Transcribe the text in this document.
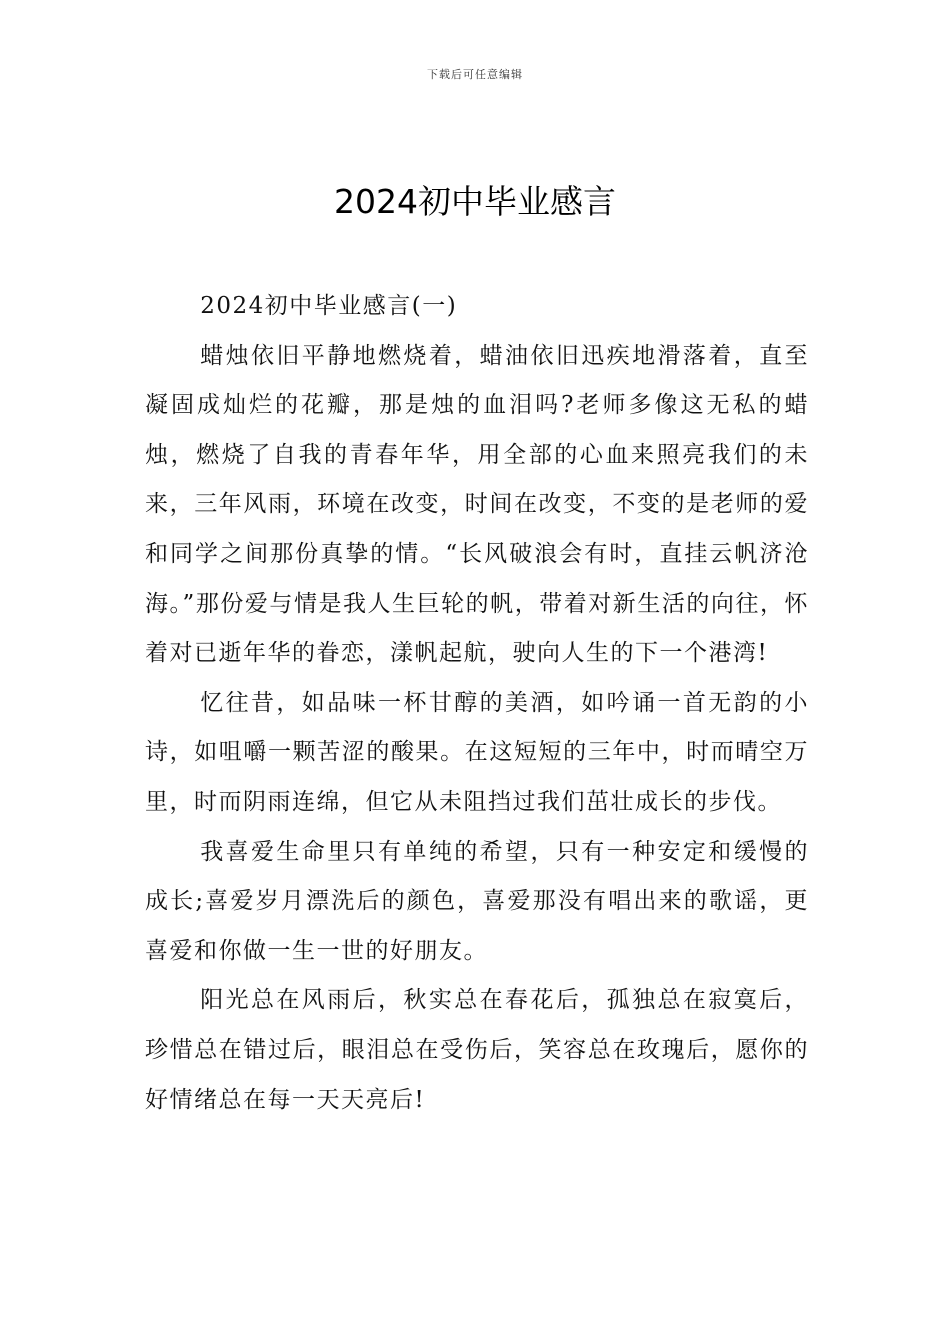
下载后可任意编辑
2024初中毕业感言

2024初中毕业感言(一)

蜡烛依旧平静地燃烧着，蜡油依旧迅疾地滑落着，直至凝固成灿烂的花瓣，那是烛的血泪吗?老师多像这无私的蜡烛，燃烧了自我的青春年华，用全部的心血来照亮我们的未来，三年风雨，环境在改变，时间在改变，不变的是老师的爱和同学之间那份真挚的情。“长风破浪会有时，直挂云帆济沧海。”那份爱与情是我人生巨轮的帆，带着对新生活的向往，怀着对已逝年华的眷恋，漾帆起航，驶向人生的下一个港湾!

忆往昔，如品味一杯甘醇的美酒，如吟诵一首无韵的小诗，如咀嚼一颗苦涩的酸果。在这短短的三年中，时而晴空万里，时而阴雨连绵，但它从未阻挡过我们茁壮成长的步伐。

我喜爱生命里只有单纯的希望，只有一种安定和缓慢的成长;喜爱岁月漂洗后的颜色，喜爱那没有唱出来的歌谣，更喜爱和你做一生一世的好朋友。

阳光总在风雨后，秋实总在春花后，孤独总在寂寞后，珍惜总在错过后，眼泪总在受伤后，笑容总在玫瑰后，愿你的好情绪总在每一天天亮后!
